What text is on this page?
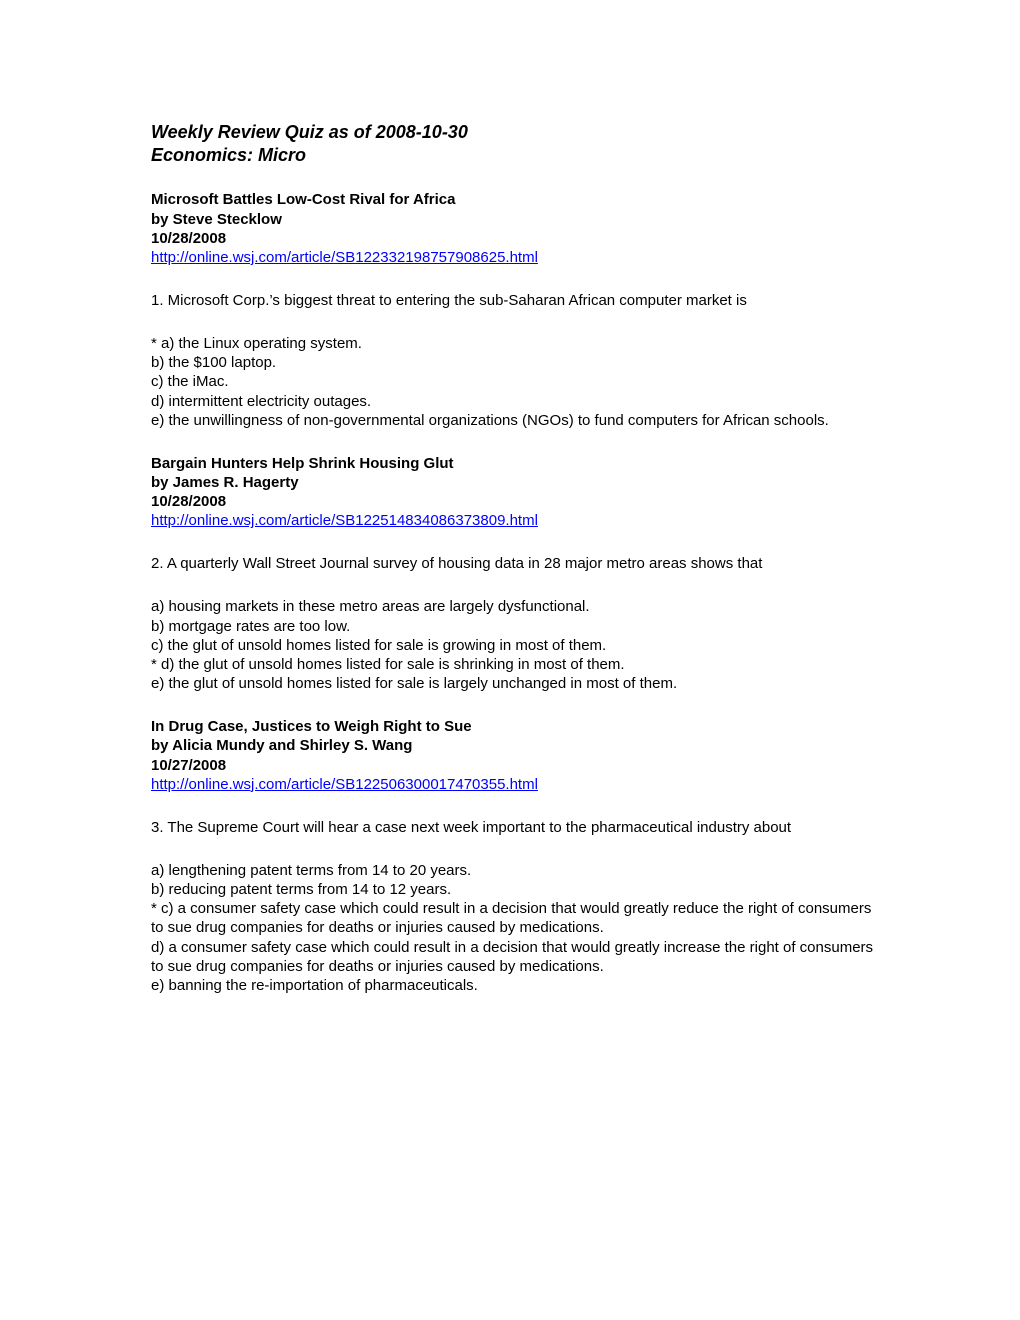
Weekly Review Quiz as of 2008-10-30
Economics: Micro
Microsoft Battles Low-Cost Rival for Africa
by Steve Stecklow
10/28/2008
http://online.wsj.com/article/SB122332198757908625.html
1. Microsoft Corp.’s biggest threat to entering the sub-Saharan African computer market is
* a) the Linux operating system.
b) the $100 laptop.
c) the iMac.
d) intermittent electricity outages.
e) the unwillingness of non-governmental organizations (NGOs) to fund computers for African schools.
Bargain Hunters Help Shrink Housing Glut
by James R. Hagerty
10/28/2008
http://online.wsj.com/article/SB122514834086373809.html
2. A quarterly Wall Street Journal survey of housing data in 28 major metro areas shows that
a) housing markets in these metro areas are largely dysfunctional.
b) mortgage rates are too low.
c) the glut of unsold homes listed for sale is growing in most of them.
* d) the glut of unsold homes listed for sale is shrinking in most of them.
e) the glut of unsold homes listed for sale is largely unchanged in most of them.
In Drug Case, Justices to Weigh Right to Sue
by Alicia Mundy and Shirley S. Wang
10/27/2008
http://online.wsj.com/article/SB122506300017470355.html
3. The Supreme Court will hear a case next week important to the pharmaceutical industry about
a) lengthening patent terms from 14 to 20 years.
b) reducing patent terms from 14 to 12 years.
* c) a consumer safety case which could result in a decision that would greatly reduce the right of consumers to sue drug companies for deaths or injuries caused by medications.
d) a consumer safety case which could result in a decision that would greatly increase the right of consumers to sue drug companies for deaths or injuries caused by medications.
e) banning the re-importation of pharmaceuticals.
